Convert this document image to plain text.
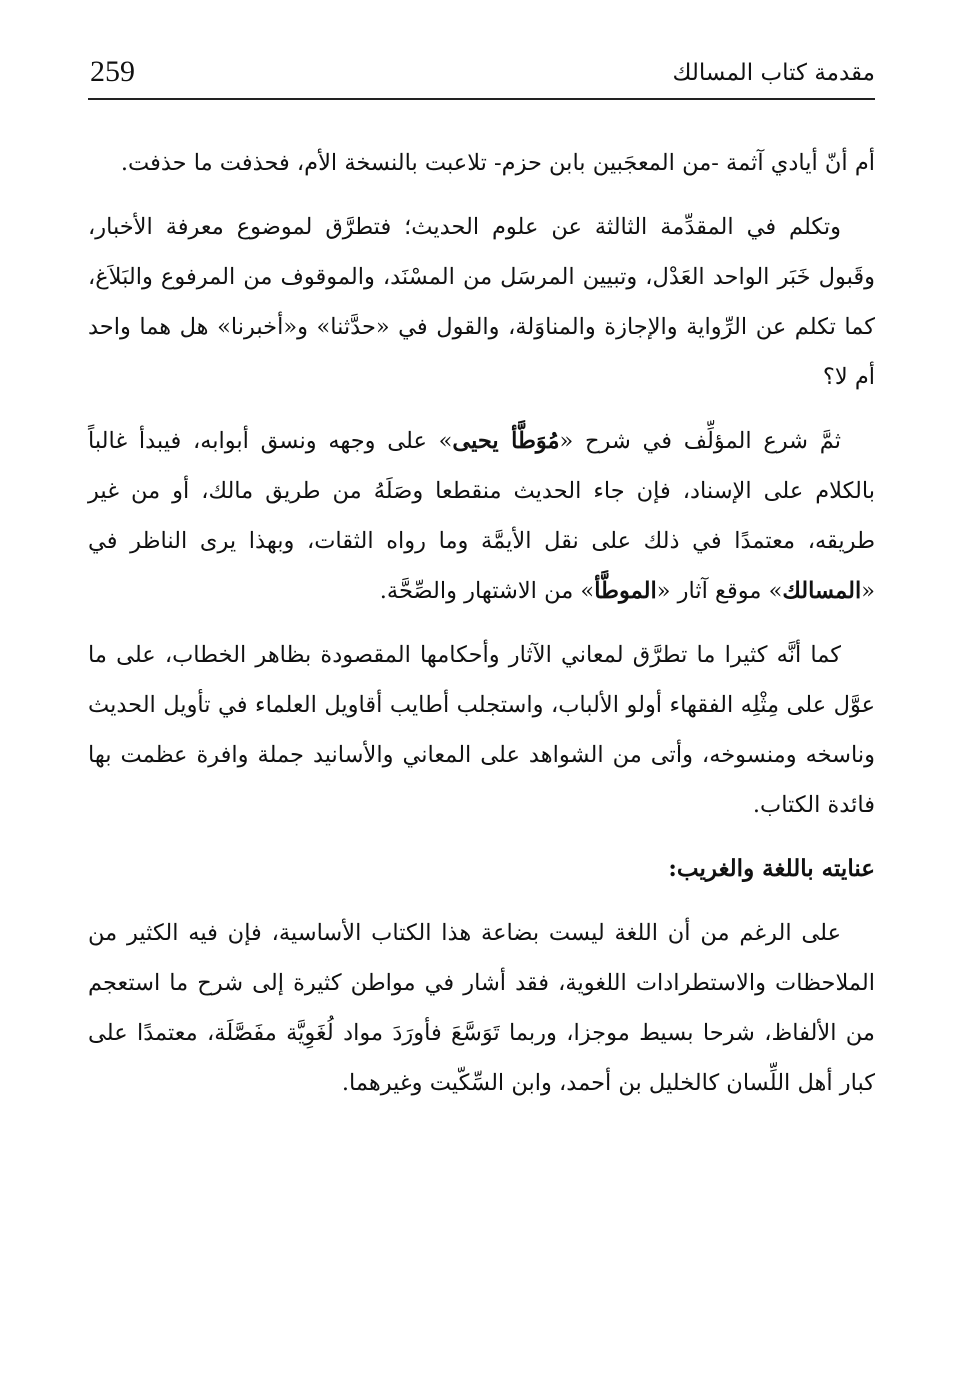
259	مقدمة كتاب المسالك

أم أنّ أيادي آثمة -من المعجَبين بابن حزم- تلاعبت بالنسخة الأم، فحذفت ما حذفت.

وتكلم في المقدِّمة الثالثة عن علوم الحديث؛ فتطرَّق لموضوع معرفة الأخبار، وقَبول خَبَر الواحد العَدْل، وتبيين المرسَل من المسْنَد، والموقوف من المرفوع والبَلاَغ، كما تكلم عن الرِّواية والإجازة والمناوَلة، والقول في «حدَّثنا» و«أخبرنا» هل هما واحد أم لا؟

ثمَّ شرع المؤلِّف في شرح «مُوَطَّأ يحيى» على وجهه ونسق أبوابه، فيبدأ غالباً بالكلام على الإسناد، فإن جاء الحديث منقطعا وصَلَهُ من طريق مالك، أو من غير طريقه، معتمدًا في ذلك على نقل الأيمَّة وما رواه الثقات، وبهذا يرى الناظر في «المسالك» موقع آثار «الموطَّأ» من الاشتهار والصِّحَّة.

كما أنَّه كثيرا ما تطرَّق لمعاني الآثار وأحكامها المقصودة بظاهر الخطاب، على ما عوَّل على مِثْلِه الفقهاء أولو الألباب، واستجلب أطايب أقاويل العلماء في تأويل الحديث وناسخه ومنسوخه، وأتى من الشواهد على المعاني والأسانيد جملة وافرة عظمت بها فائدة الكتاب.

عنايته باللغة والغريب:

على الرغم من أن اللغة ليست بضاعة هذا الكتاب الأساسية، فإن فيه الكثير من الملاحظات والاستطرادات اللغوية، فقد أشار في مواطن كثيرة إلى شرح ما استعجم من الألفاظ، شرحا بسيط موجزا، وربما تَوَسَّعَ فأورَدَ مواد لُغَوِيَّة مفَصَّلَة، معتمدًا على كبار أهل اللِّسان كالخليل بن أحمد، وابن السِّكّيت وغيرهما.
